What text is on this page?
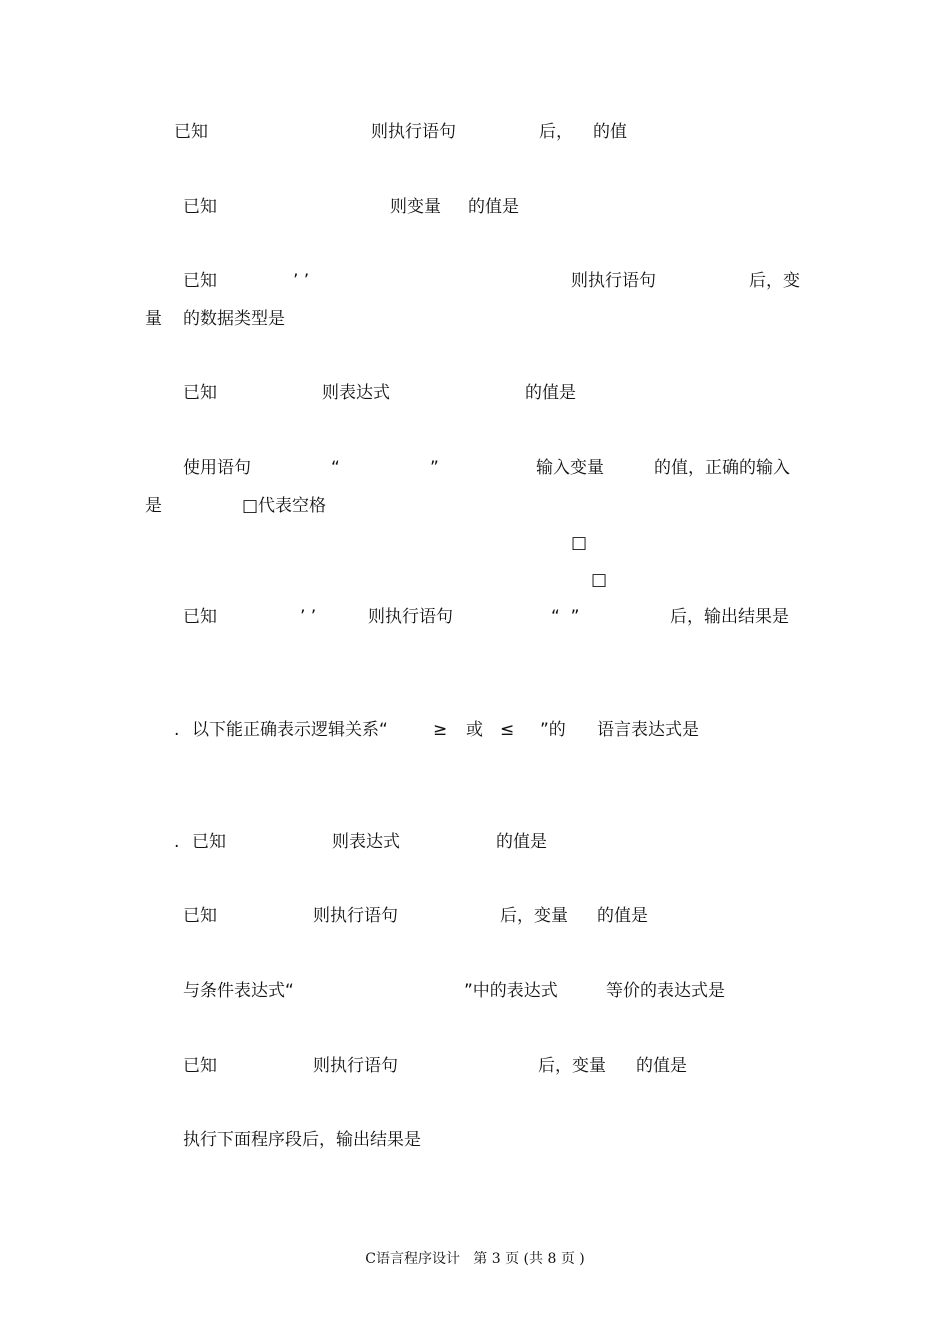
已知	则执行语句	后， 的值
已知	则变量 的值是
已知	’ ’	则执行语句	后，变
量 的数据类型是
已知	则表达式	的值是
使用语句	“	”	输入变量	的值，正确的输入
是	□代表空格
□
□
已知	’ ’	则执行语句	“  ”	后，输出结果是
. 以下能正确表示逻辑关系“	≥ 或 ≤ ”的 语言表达式是
. 已知	则表达式	的值是
已知	则执行语句	后，变量 的值是
与条件表达式“	”中的表达式	等价的表达式是
已知	则执行语句	后，变量 的值是
执行下面程序段后，输出结果是
C语言程序设计   第 3 页 (共 8 页 )
